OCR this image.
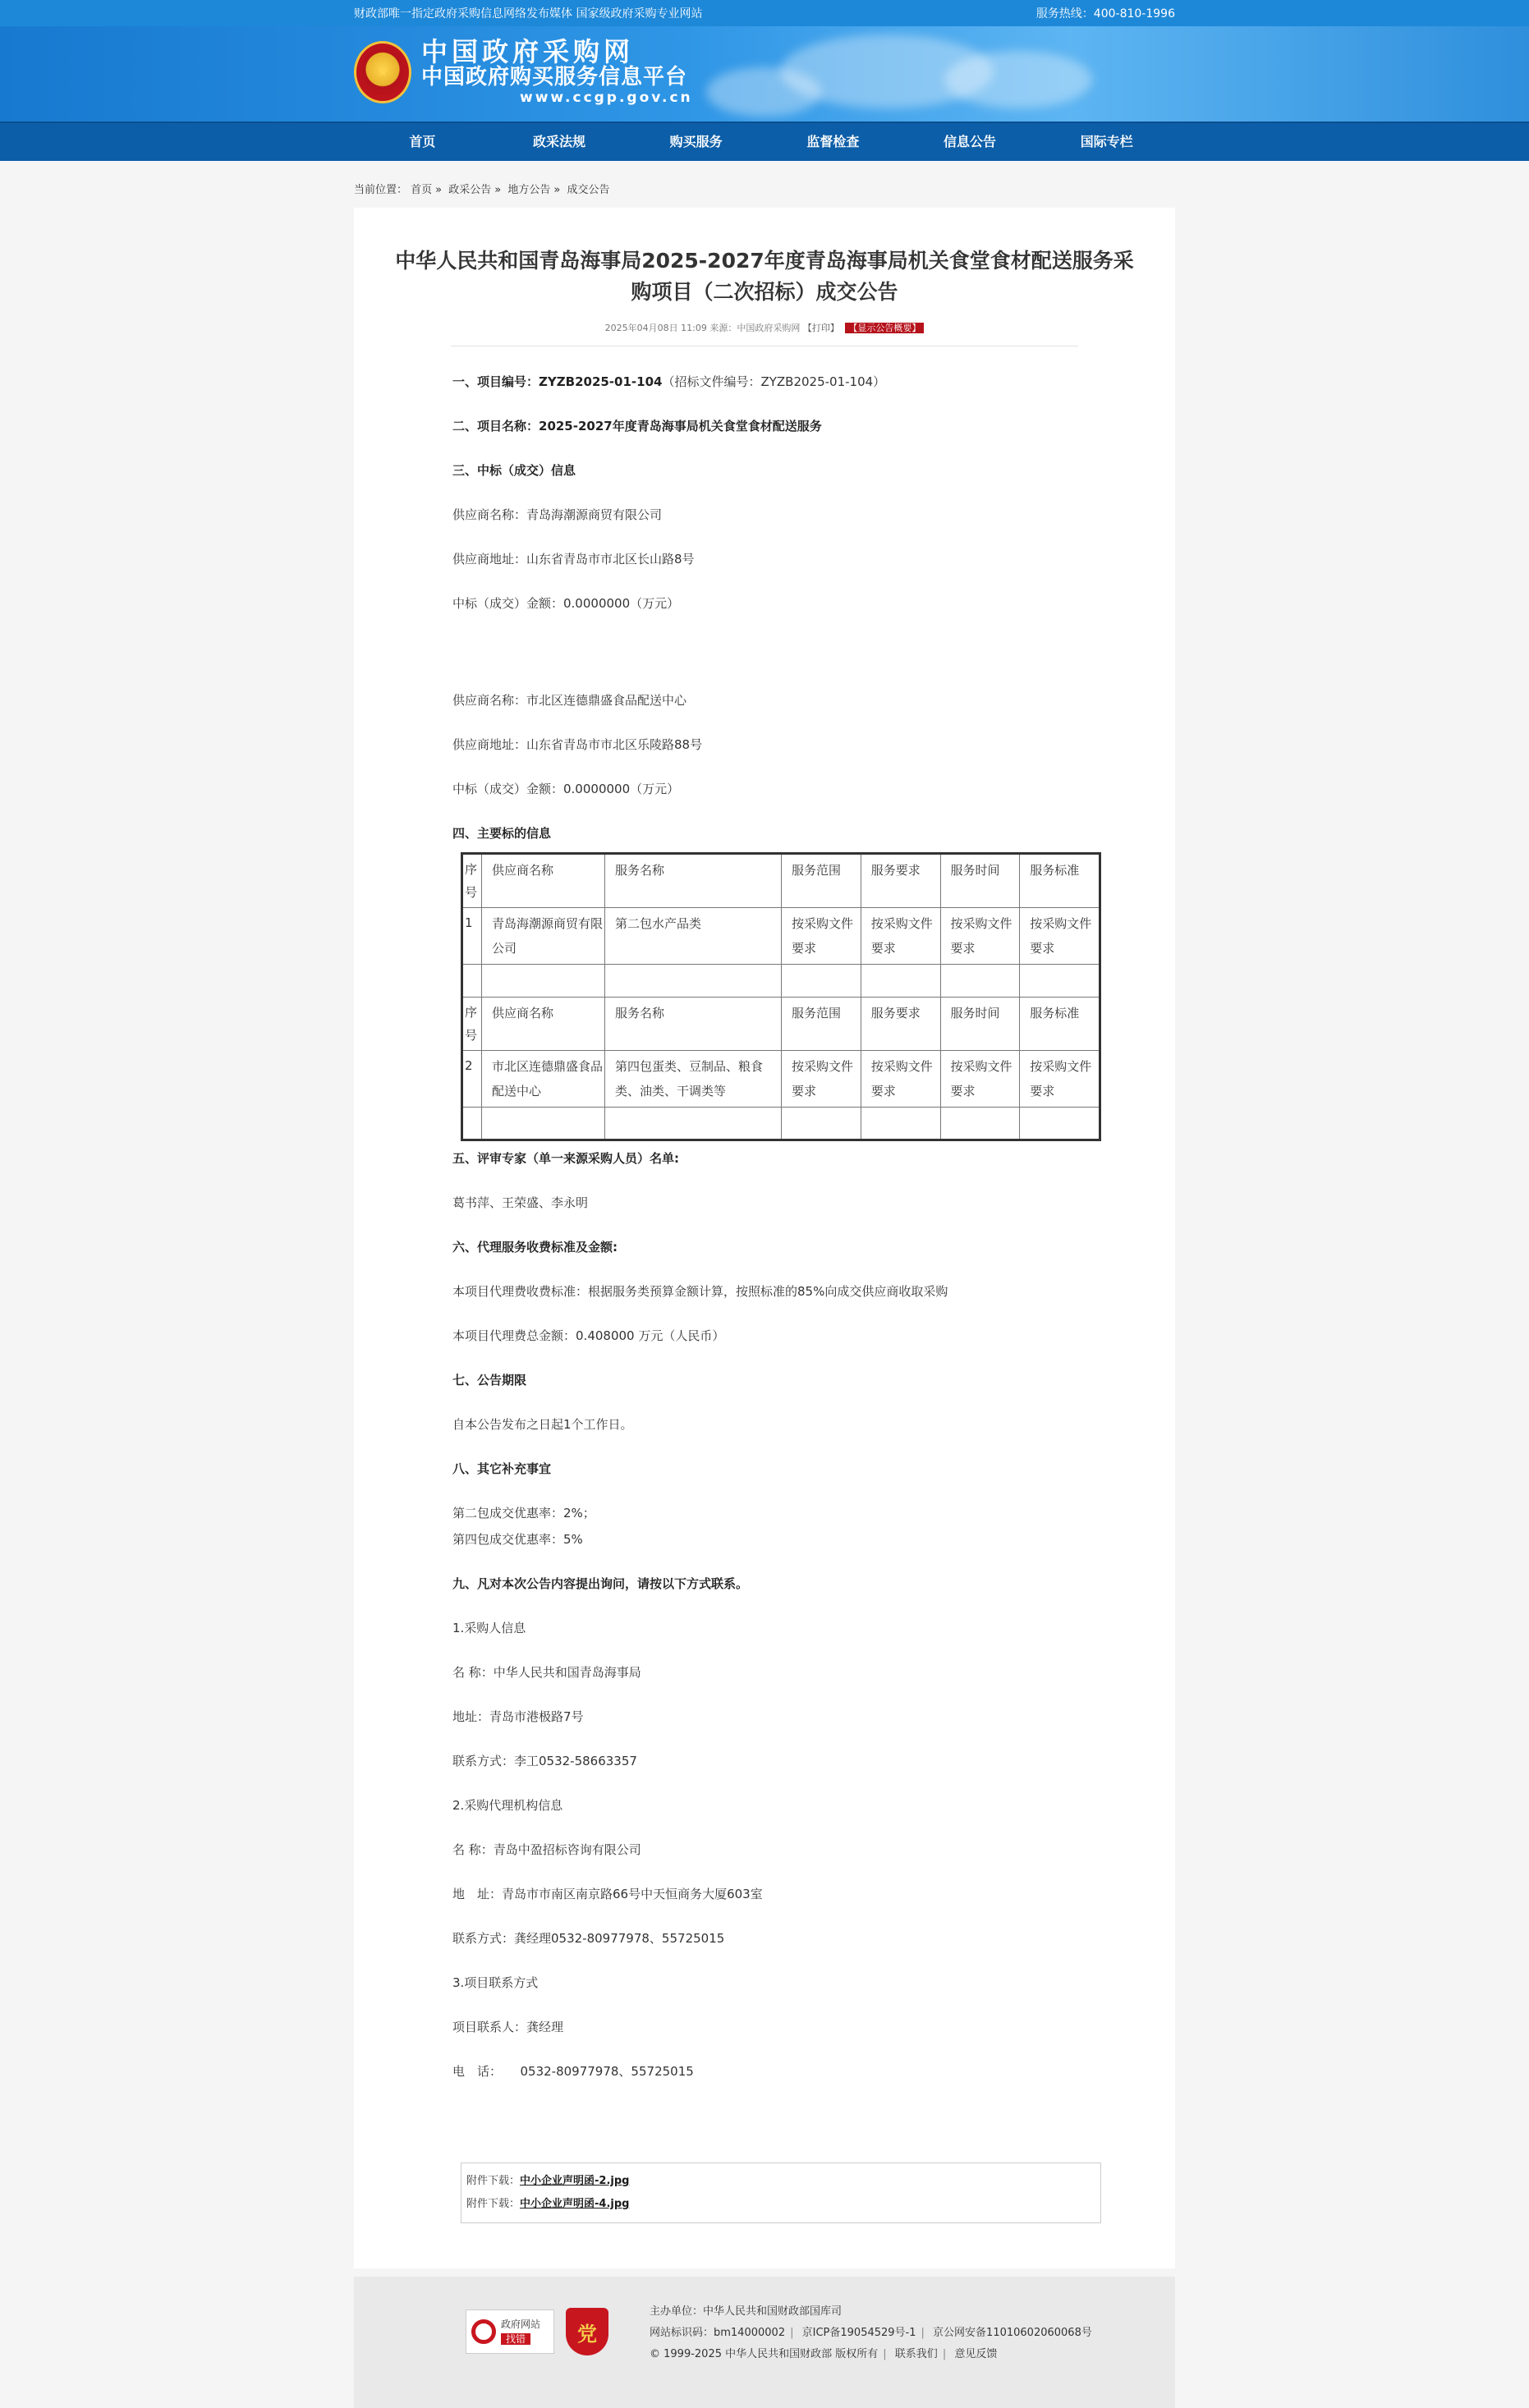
财政部唯一指定政府采购信息网络发布媒体 国家级政府采购专业网站	服务热线：400-810-1996
★
中国政府采购网
中国政府购买服务信息平台
www.ccgp.gov.cn
首页	政采法规	购买服务	监督检查	信息公告	国际专栏
当前位置： 首页 » 政采公告 » 地方公告 » 成交公告
中华人民共和国青岛海事局2025-2027年度青岛海事局机关食堂食材配送服务采购项目（二次招标）成交公告
2025年04月08日 11:09 来源：中国政府采购网 【打印】 【显示公告概要】

一、项目编号：ZYZB2025-01-104（招标文件编号：ZYZB2025-01-104）

二、项目名称：2025-2027年度青岛海事局机关食堂食材配送服务

三、中标（成交）信息

供应商名称：青岛海潮源商贸有限公司

供应商地址：山东省青岛市市北区长山路8号

中标（成交）金额：0.0000000（万元）

供应商名称：市北区连德鼎盛食品配送中心

供应商地址：山东省青岛市市北区乐陵路88号

中标（成交）金额：0.0000000（万元）

四、主要标的信息

序号	供应商名称	服务名称	服务范围	服务要求	服务时间	服务标准
1	青岛海潮源商贸有限公司	第二包水产品类	按采购文件要求	按采购文件要求	按采购文件要求	按采购文件要求

序号	供应商名称	服务名称	服务范围	服务要求	服务时间	服务标准
2	市北区连德鼎盛食品配送中心	第四包蛋类、豆制品、粮食类、油类、干调类等	按采购文件要求	按采购文件要求	按采购文件要求	按采购文件要求

五、评审专家（单一来源采购人员）名单:

葛书萍、王荣盛、李永明

六、代理服务收费标准及金额:

本项目代理费收费标准：根据服务类预算金额计算，按照标准的85%向成交供应商收取采购

本项目代理费总金额：0.408000 万元（人民币）

七、公告期限

自本公告发布之日起1个工作日。

八、其它补充事宜

第二包成交优惠率：2%；

第四包成交优惠率：5%

九、凡对本次公告内容提出询问，请按以下方式联系。

1.采购人信息

名 称：中华人民共和国青岛海事局

地址：青岛市港极路7号

联系方式：李工0532-58663357

2.采购代理机构信息

名 称：青岛中盈招标咨询有限公司

地　址：青岛市市南区南京路66号中天恒商务大厦603室

联系方式：龚经理0532-80977978、55725015

3.项目联系方式

项目联系人：龚经理

电　话：　　0532-80977978、55725015

附件下载：中小企业声明函-2.jpg
附件下载：中小企业声明函-4.jpg
政府网站
找错	党
主办单位：中华人民共和国财政部国库司
网站标识码：bm14000002 | 京ICP备19054529号-1 | 京公网安备11010602060068号
© 1999-2025 中华人民共和国财政部 版权所有 | 联系我们 | 意见反馈
